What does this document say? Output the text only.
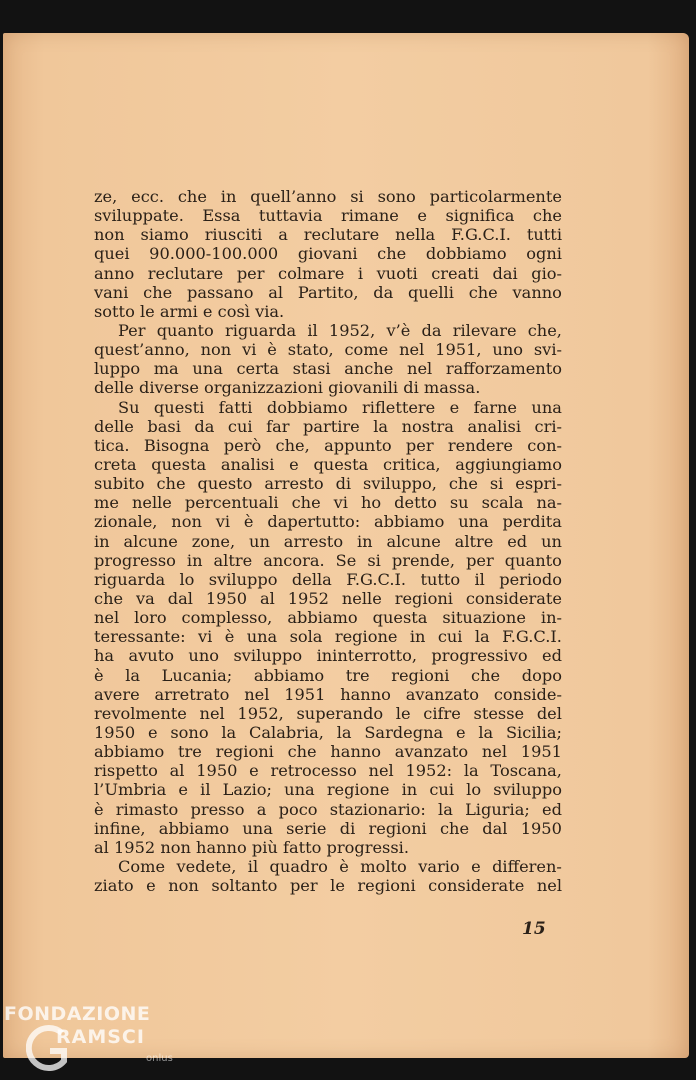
ze, ecc. che in quell’anno si sono particolarmente
sviluppate. Essa tuttavia rimane e significa che
non siamo riusciti a reclutare nella F.G.C.I. tutti
quei 90.000-100.000 giovani che dobbiamo ogni
anno reclutare per colmare i vuoti creati dai gio-
vani che passano al Partito, da quelli che vanno
sotto le armi e così via.
Per quanto riguarda il 1952, v’è da rilevare che,
quest’anno, non vi è stato, come nel 1951, uno svi-
luppo ma una certa stasi anche nel rafforzamento
delle diverse organizzazioni giovanili di massa.
Su questi fatti dobbiamo riflettere e farne una
delle basi da cui far partire la nostra analisi cri-
tica. Bisogna però che, appunto per rendere con-
creta questa analisi e questa critica, aggiungiamo
subito che questo arresto di sviluppo, che si espri-
me nelle percentuali che vi ho detto su scala na-
zionale, non vi è dapertutto: abbiamo una perdita
in alcune zone, un arresto in alcune altre ed un
progresso in altre ancora. Se si prende, per quanto
riguarda lo sviluppo della F.G.C.I. tutto il periodo
che va dal 1950 al 1952 nelle regioni considerate
nel loro complesso, abbiamo questa situazione in-
teressante: vi è una sola regione in cui la F.G.C.I.
ha avuto uno sviluppo ininterrotto, progressivo ed
è la Lucania; abbiamo tre regioni che dopo
avere arretrato nel 1951 hanno avanzato conside-
revolmente nel 1952, superando le cifre stesse del
1950 e sono la Calabria, la Sardegna e la Sicilia;
abbiamo tre regioni che hanno avanzato nel 1951
rispetto al 1950 e retrocesso nel 1952: la Toscana,
l’Umbria e il Lazio; una regione in cui lo sviluppo
è rimasto presso a poco stazionario: la Liguria; ed
infine, abbiamo una serie di regioni che dal 1950
al 1952 non hanno più fatto progressi.
Come vedete, il quadro è molto vario e differen-
ziato e non soltanto per le regioni considerate nel
15
FONDAZIONE
RAMSCI
onlus
